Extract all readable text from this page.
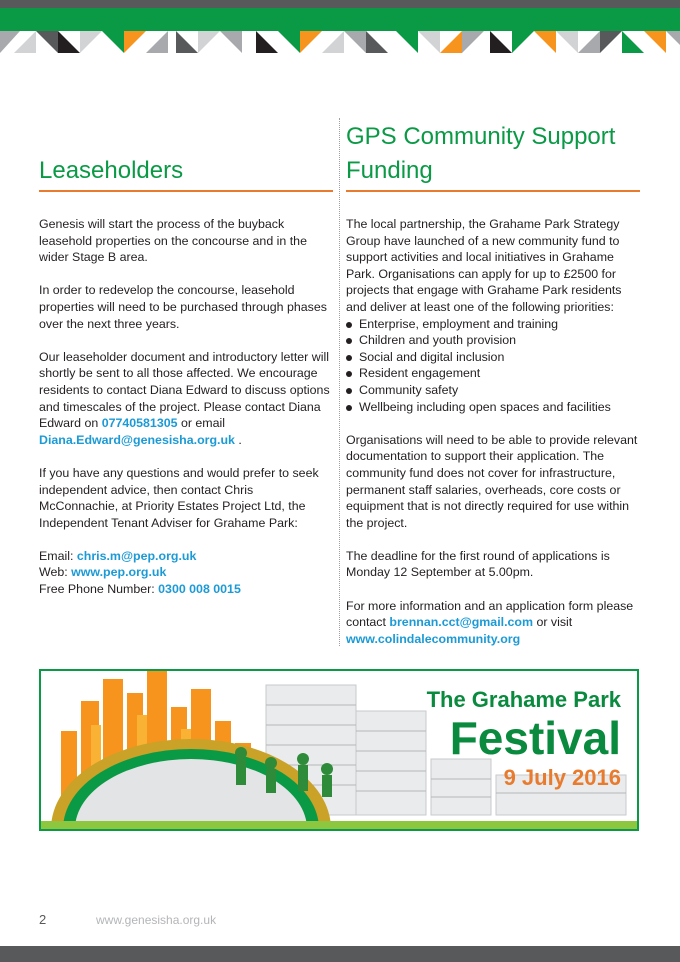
Leaseholders

Genesis will start the process of the buyback leasehold properties on the concourse and in the wider Stage B area.

In order to redevelop the concourse, leasehold properties will need to be purchased through phases over the next three years.

Our leaseholder document and introductory letter will shortly be sent to all those affected. We encourage residents to contact Diana Edward to discuss options and timescales of the project. Please contact Diana Edward on 07740581305 or email
Diana.Edward@genesisha.org.uk .

If you have any questions and would prefer to seek independent advice, then contact Chris McConnachie, at Priority Estates Project Ltd, the Independent Tenant Adviser for Grahame Park:

Email: chris.m@pep.org.uk
Web: www.pep.org.uk
Free Phone Number: 0300 008 0015

GPS Community Support Funding

The local partnership, the Grahame Park Strategy Group have launched of a new community fund to support activities and local initiatives in Grahame Park. Organisations can apply for up to £2500 for projects that engage with Grahame Park residents and deliver at least one of the following priorities:

Enterprise, employment and training
Children and youth provision
Social and digital inclusion
Resident engagement
Community safety
Wellbeing including open spaces and facilities

Organisations will need to be able to provide relevant documentation to support their application. The community fund does not cover for infrastructure, permanent staff salaries, overheads, core costs or equipment that is not directly required for use within the project.

The deadline for the first round of applications is Monday 12 September at 5.00pm.

For more information and an application form please contact brennan.cct@gmail.com or visit
www.colindalecommunity.org

The Grahame Park
Festival
9 July 2016
2	www.genesisha.org.uk
